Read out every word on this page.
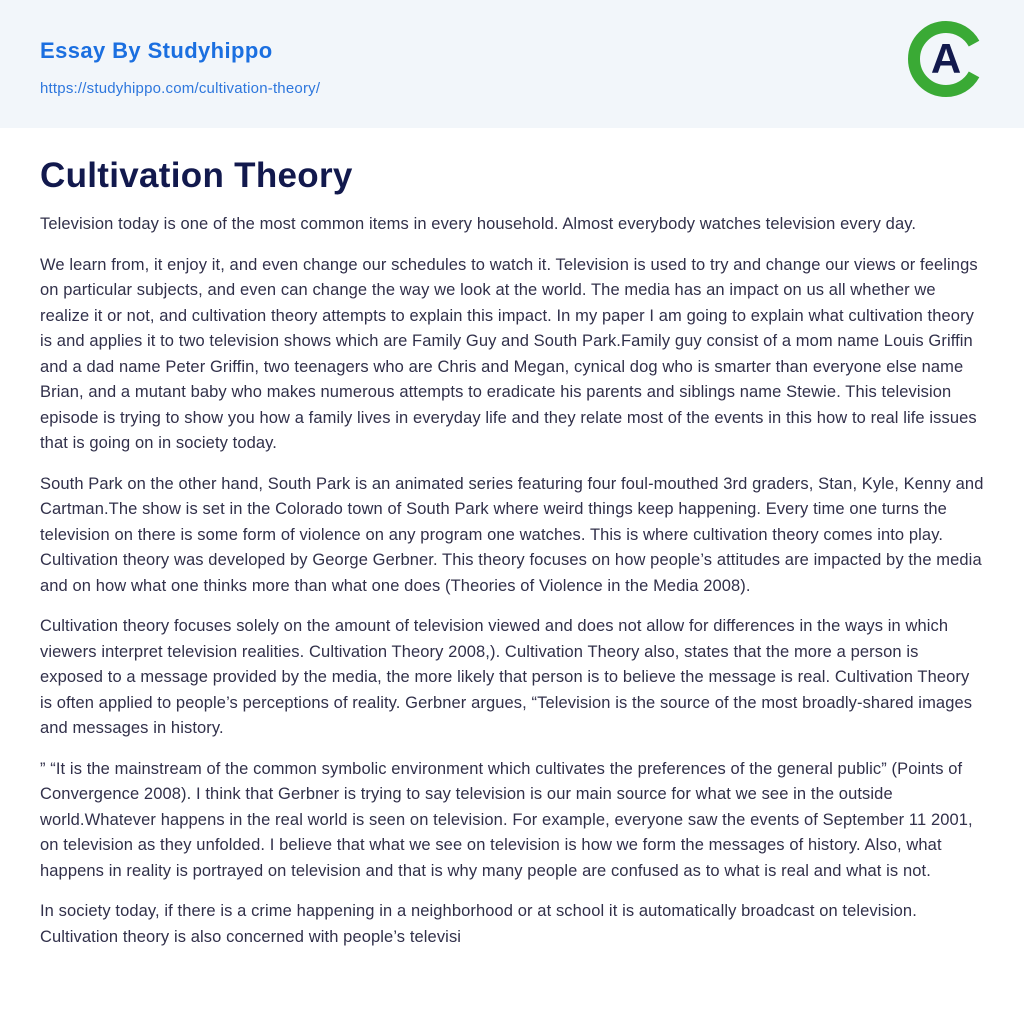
Essay By Studyhippo
https://studyhippo.com/cultivation-theory/
A
Cultivation Theory

Television today is one of the most common items in every household. Almost everybody watches television every day.

We learn from, it enjoy it, and even change our schedules to watch it. Television is used to try and change our views or feelings on particular subjects, and even can change the way we look at the world. The media has an impact on us all whether we realize it or not, and cultivation theory attempts to explain this impact. In my paper I am going to explain what cultivation theory is and applies it to two television shows which are Family Guy and South Park.Family guy consist of a mom name Louis Griffin and a dad name Peter Griffin, two teenagers who are Chris and Megan, cynical dog who is smarter than everyone else name Brian, and a mutant baby who makes numerous attempts to eradicate his parents and siblings name Stewie. This television episode is trying to show you how a family lives in everyday life and they relate most of the events in this how to real life issues that is going on in society today.

South Park on the other hand, South Park is an animated series featuring four foul-mouthed 3rd graders, Stan, Kyle, Kenny and Cartman.The show is set in the Colorado town of South Park where weird things keep happening. Every time one turns the television on there is some form of violence on any program one watches. This is where cultivation theory comes into play. Cultivation theory was developed by George Gerbner. This theory focuses on how people’s attitudes are impacted by the media and on how what one thinks more than what one does (Theories of Violence in the Media 2008).

Cultivation theory focuses solely on the amount of television viewed and does not allow for differences in the ways in which viewers interpret television realities. Cultivation Theory 2008,). Cultivation Theory also, states that the more a person is exposed to a message provided by the media, the more likely that person is to believe the message is real. Cultivation Theory is often applied to people’s perceptions of reality. Gerbner argues, “Television is the source of the most broadly-shared images and messages in history.

” “It is the mainstream of the common symbolic environment which cultivates the preferences of the general public” (Points of Convergence 2008). I think that Gerbner is trying to say television is our main source for what we see in the outside world.Whatever happens in the real world is seen on television. For example, everyone saw the events of September 11 2001, on television as they unfolded. I believe that what we see on television is how we form the messages of history. Also, what happens in reality is portrayed on television and that is why many people are confused as to what is real and what is not.

In society today, if there is a crime happening in a neighborhood or at school it is automatically broadcast on television. Cultivation theory is also concerned with people’s televisi
